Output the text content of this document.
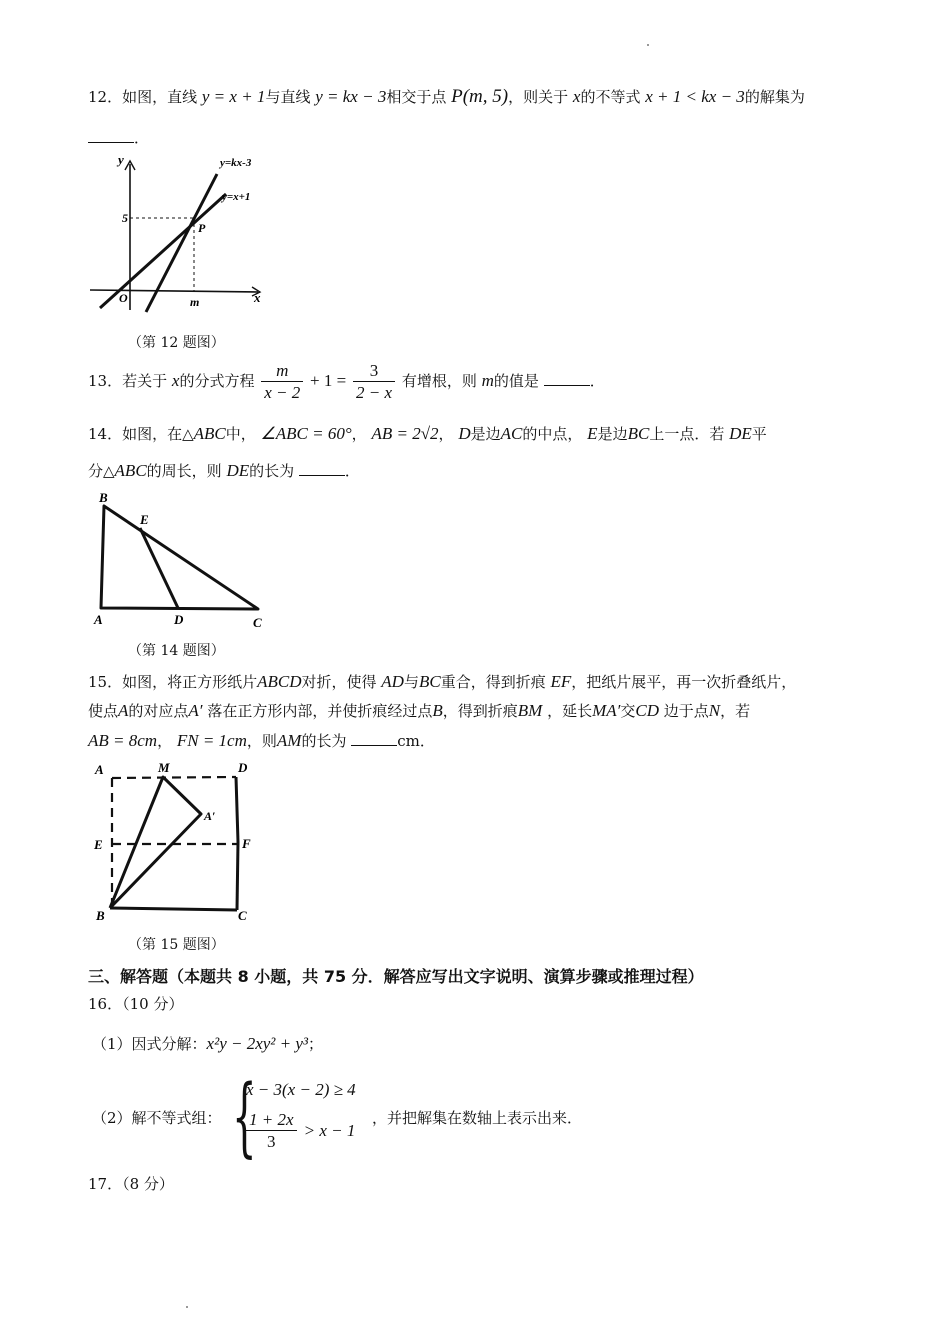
12．如图，直线 y = x + 1与直线 y = kx − 3相交于点 P(m, 5)，则关于 x的不等式 x + 1 < kx − 3的解集为
．
y
x
O
5
P
m
y=kx-3
y=x+1
（第 12 题图）
13．若关于 x的分式方程 $\frac{m}{x - 2} + 1 = \frac{3}{2 - x}$ 有增根，则 m的值是	．
14．如图，在△ABC中， ∠ABC = 60°， AB = 2√2， D是边AC的中点， E是边BC上一点．若 DE平
分△ABC的周长，则 DE的长为	．
B
E
A	D	C
（第 14 题图）
15．如图，将正方形纸片ABCD对折，使得 AD与BC重合，得到折痕 EF，把纸片展平，再一次折叠纸片，
使点A的对应点A′ 落在正方形内部，并使折痕经过点B，得到折痕BM ，延长MA′交CD 边于点N，若
AB = 8cm， FN = 1cm，则AM的长为	cm．
A	M	D
A′
E	F
B	C
（第 15 题图）
三、解答题（本题共 8 小题，共 75 分．解答应写出文字说明、演算步骤或推理过程）
16．（10 分）
（1）因式分解：x²y − 2xy² + y³；
（2）解不等式组： {
x − 3(x − 2) ≥ 4
$\frac{1 + 2x}{3} > x - 1$
，并把解集在数轴上表示出来．
17．（8 分）
